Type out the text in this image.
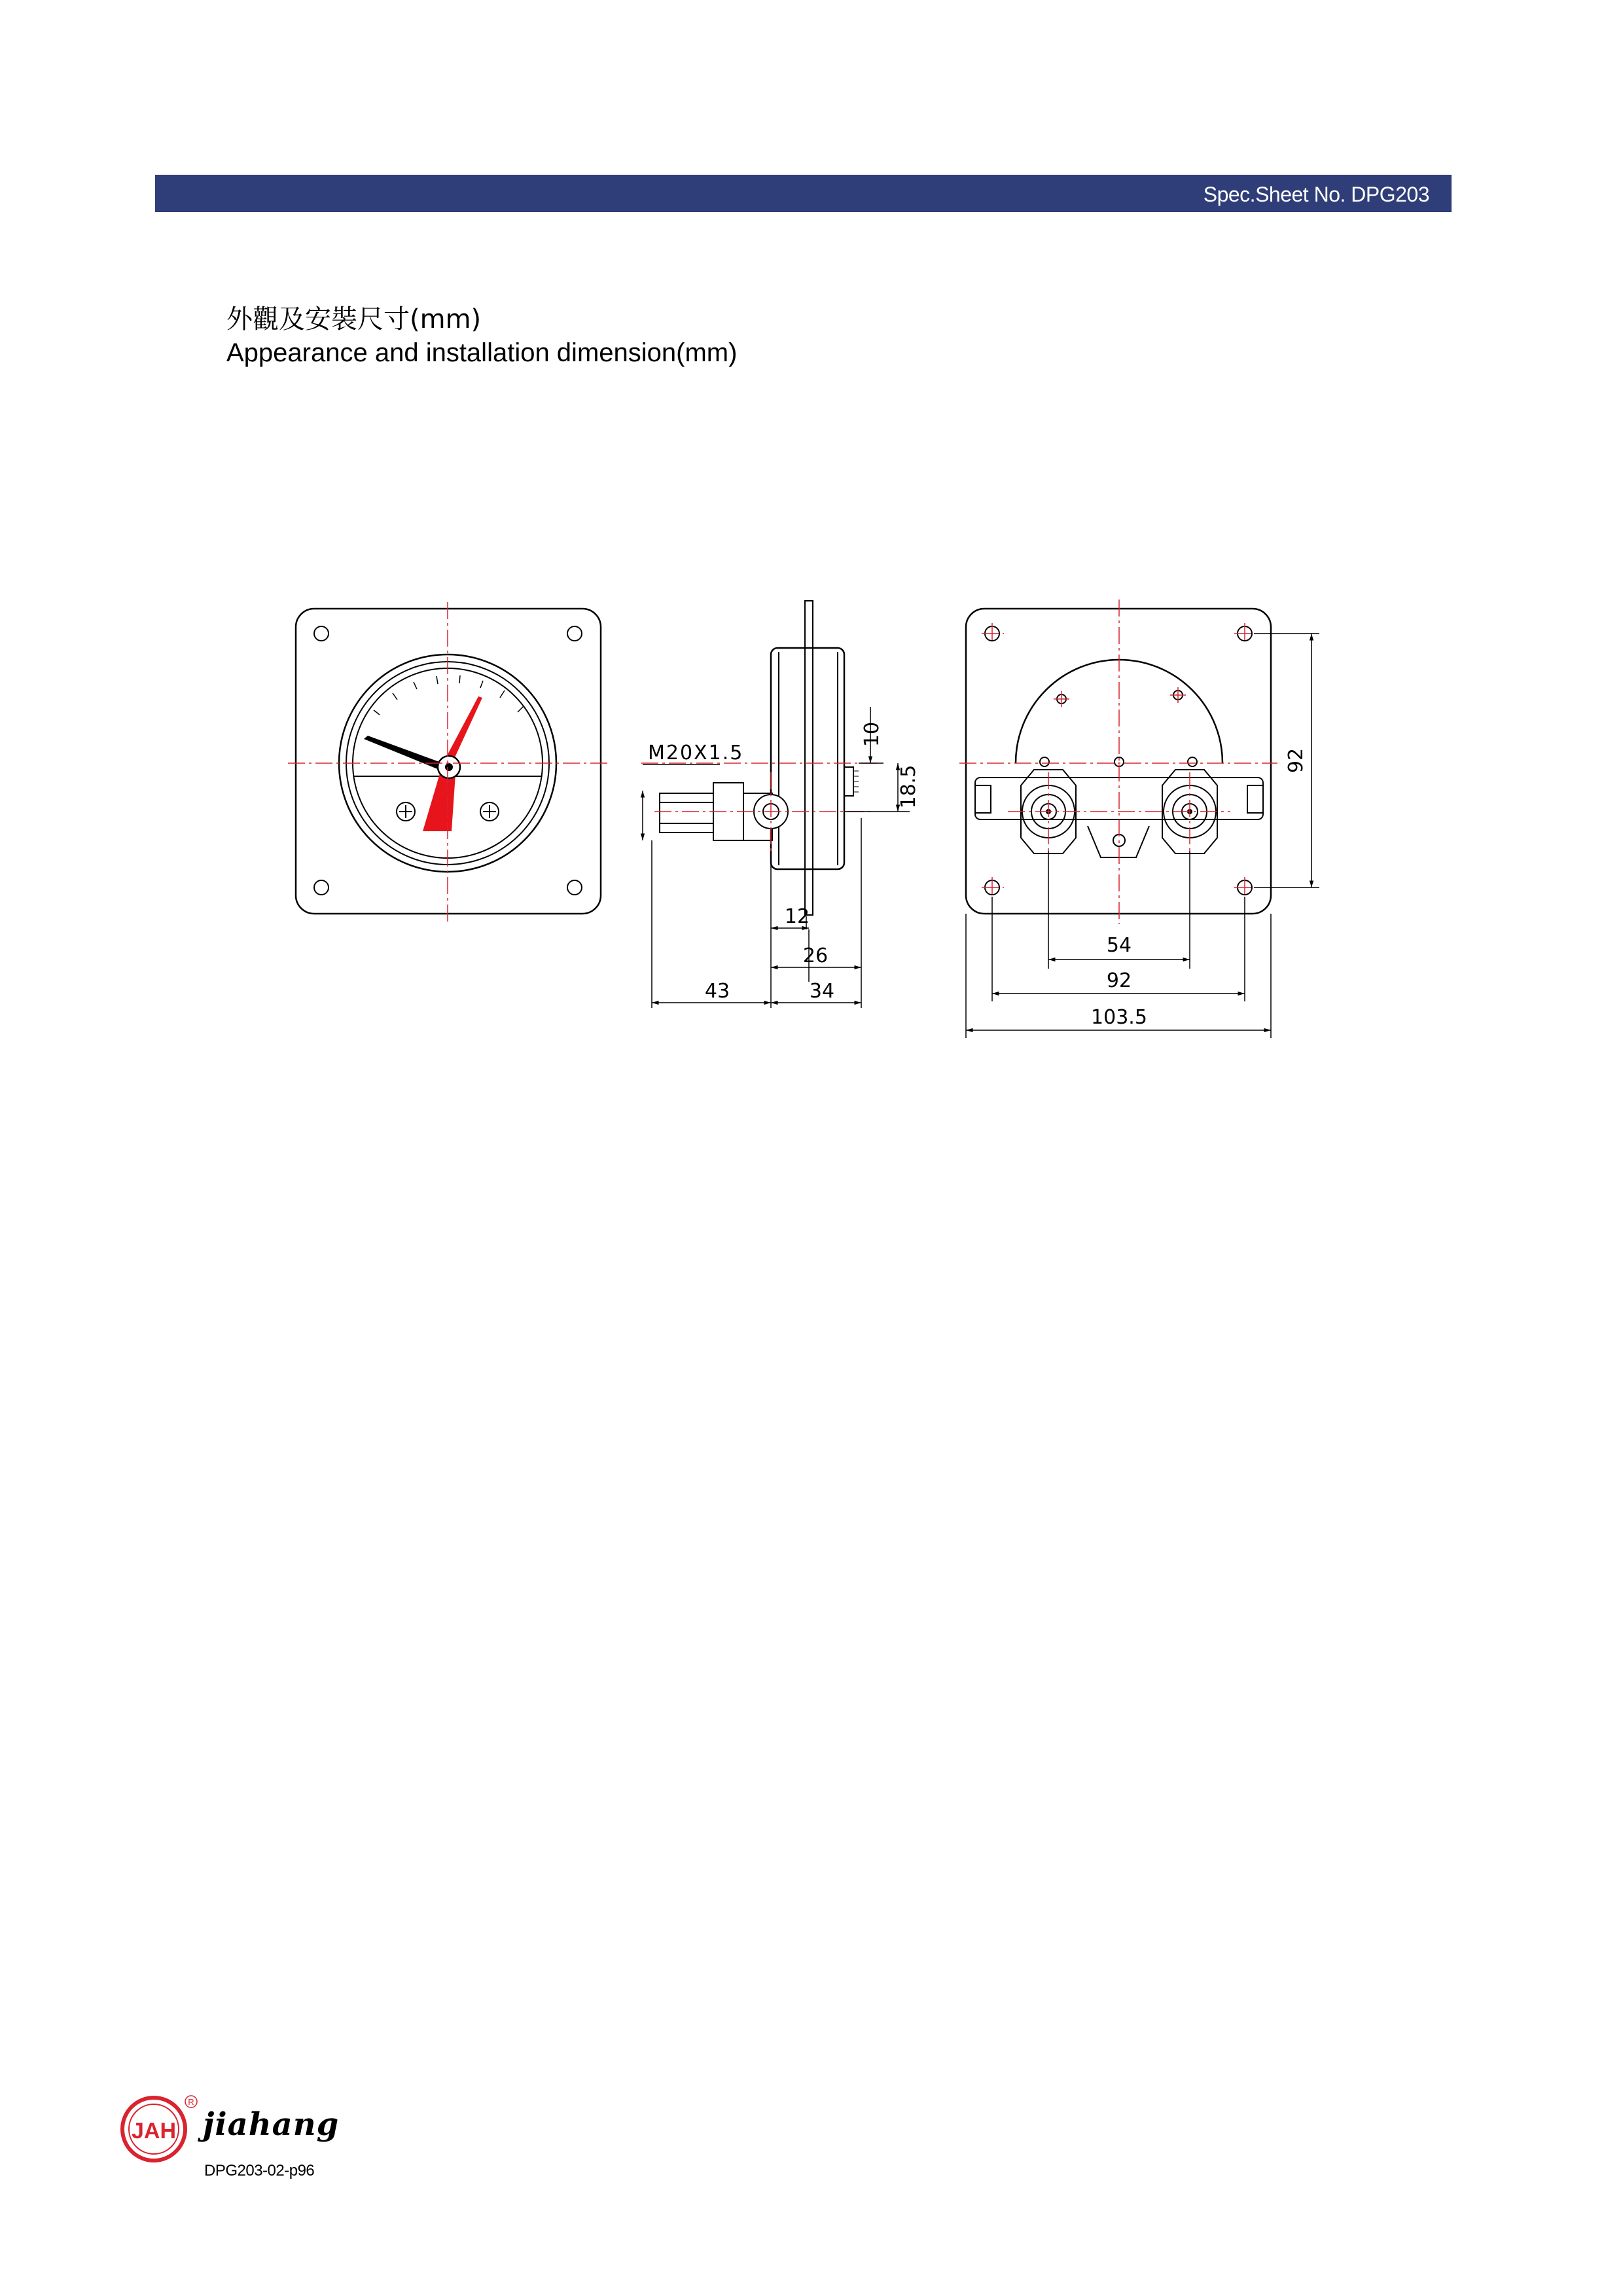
Spec.Sheet No. DPG203
外觀及安裝尺寸(mm)
Appearance and installation dimension(mm)
M20X1.5
10
18.5
12
26
43	34
92
54
92
103.5
JAH
R
jiahang
DPG203-02-p96
